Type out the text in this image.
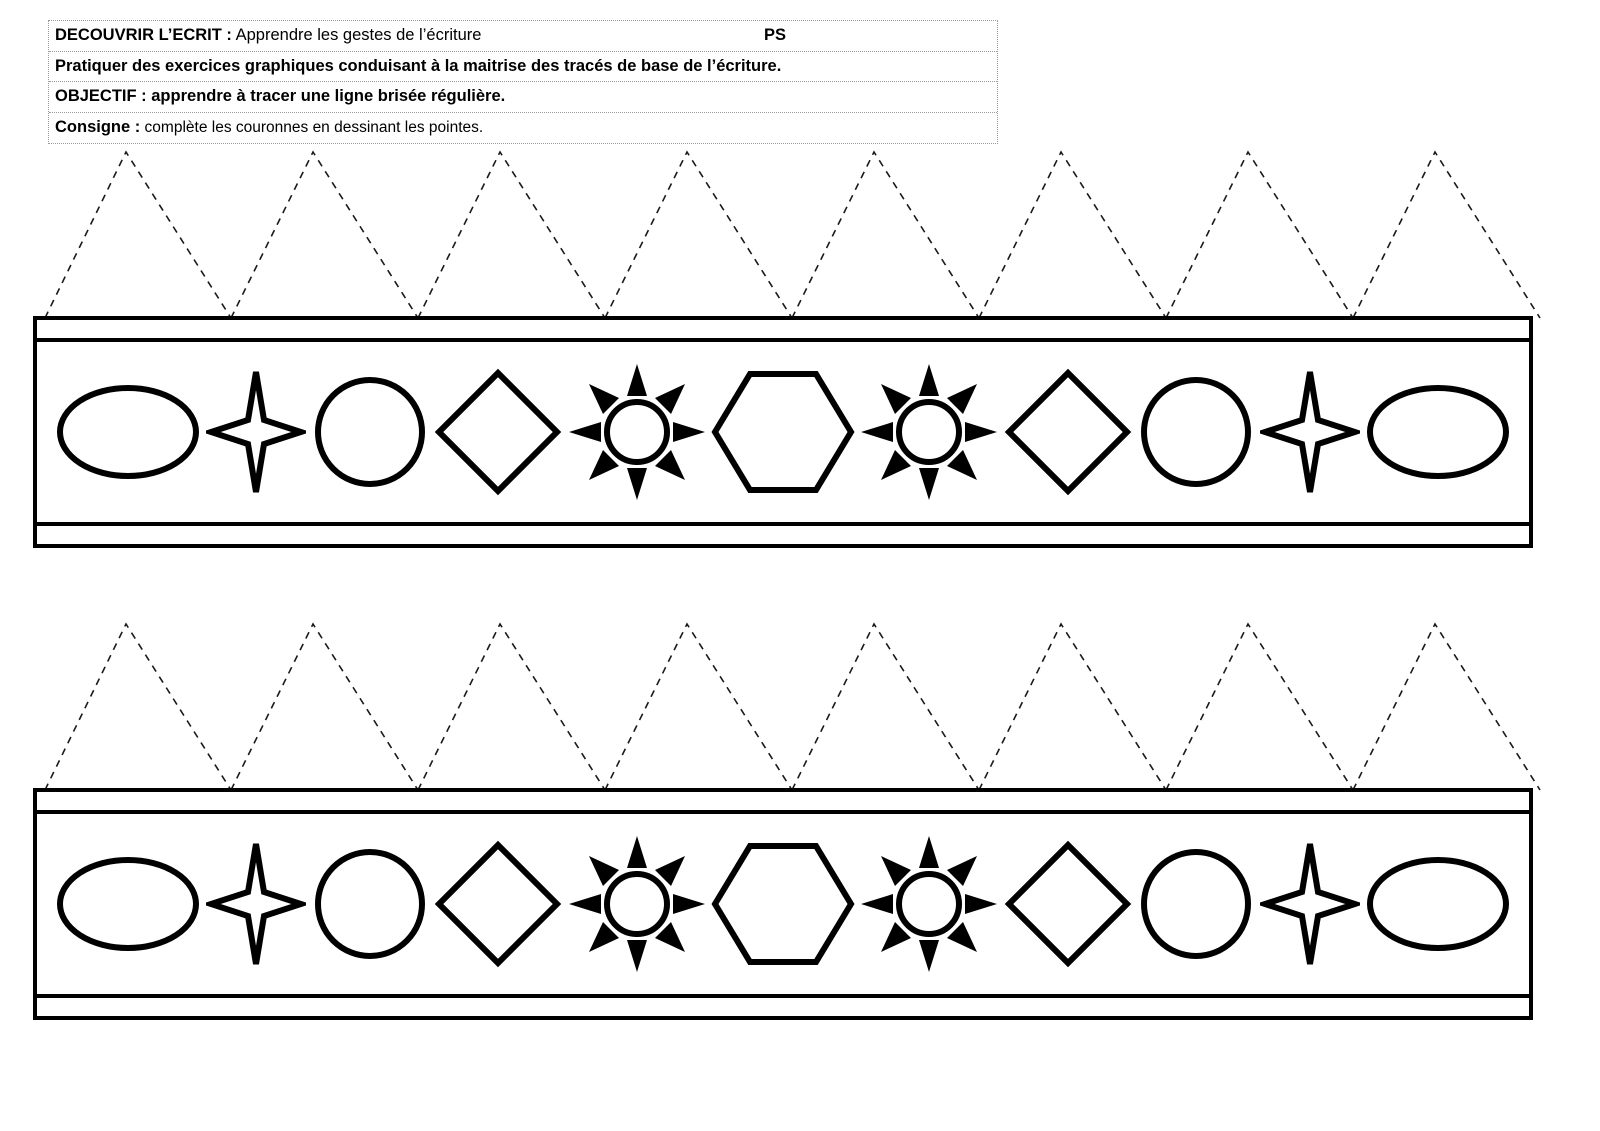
DECOUVRIR L’ECRIT : Apprendre les gestes de l’écriture	PS
Pratiquer des exercices graphiques conduisant à la maitrise des tracés de base de l’écriture.
OBJECTIF : apprendre à tracer une ligne brisée régulière.
Consigne : complète les couronnes en dessinant les pointes.
